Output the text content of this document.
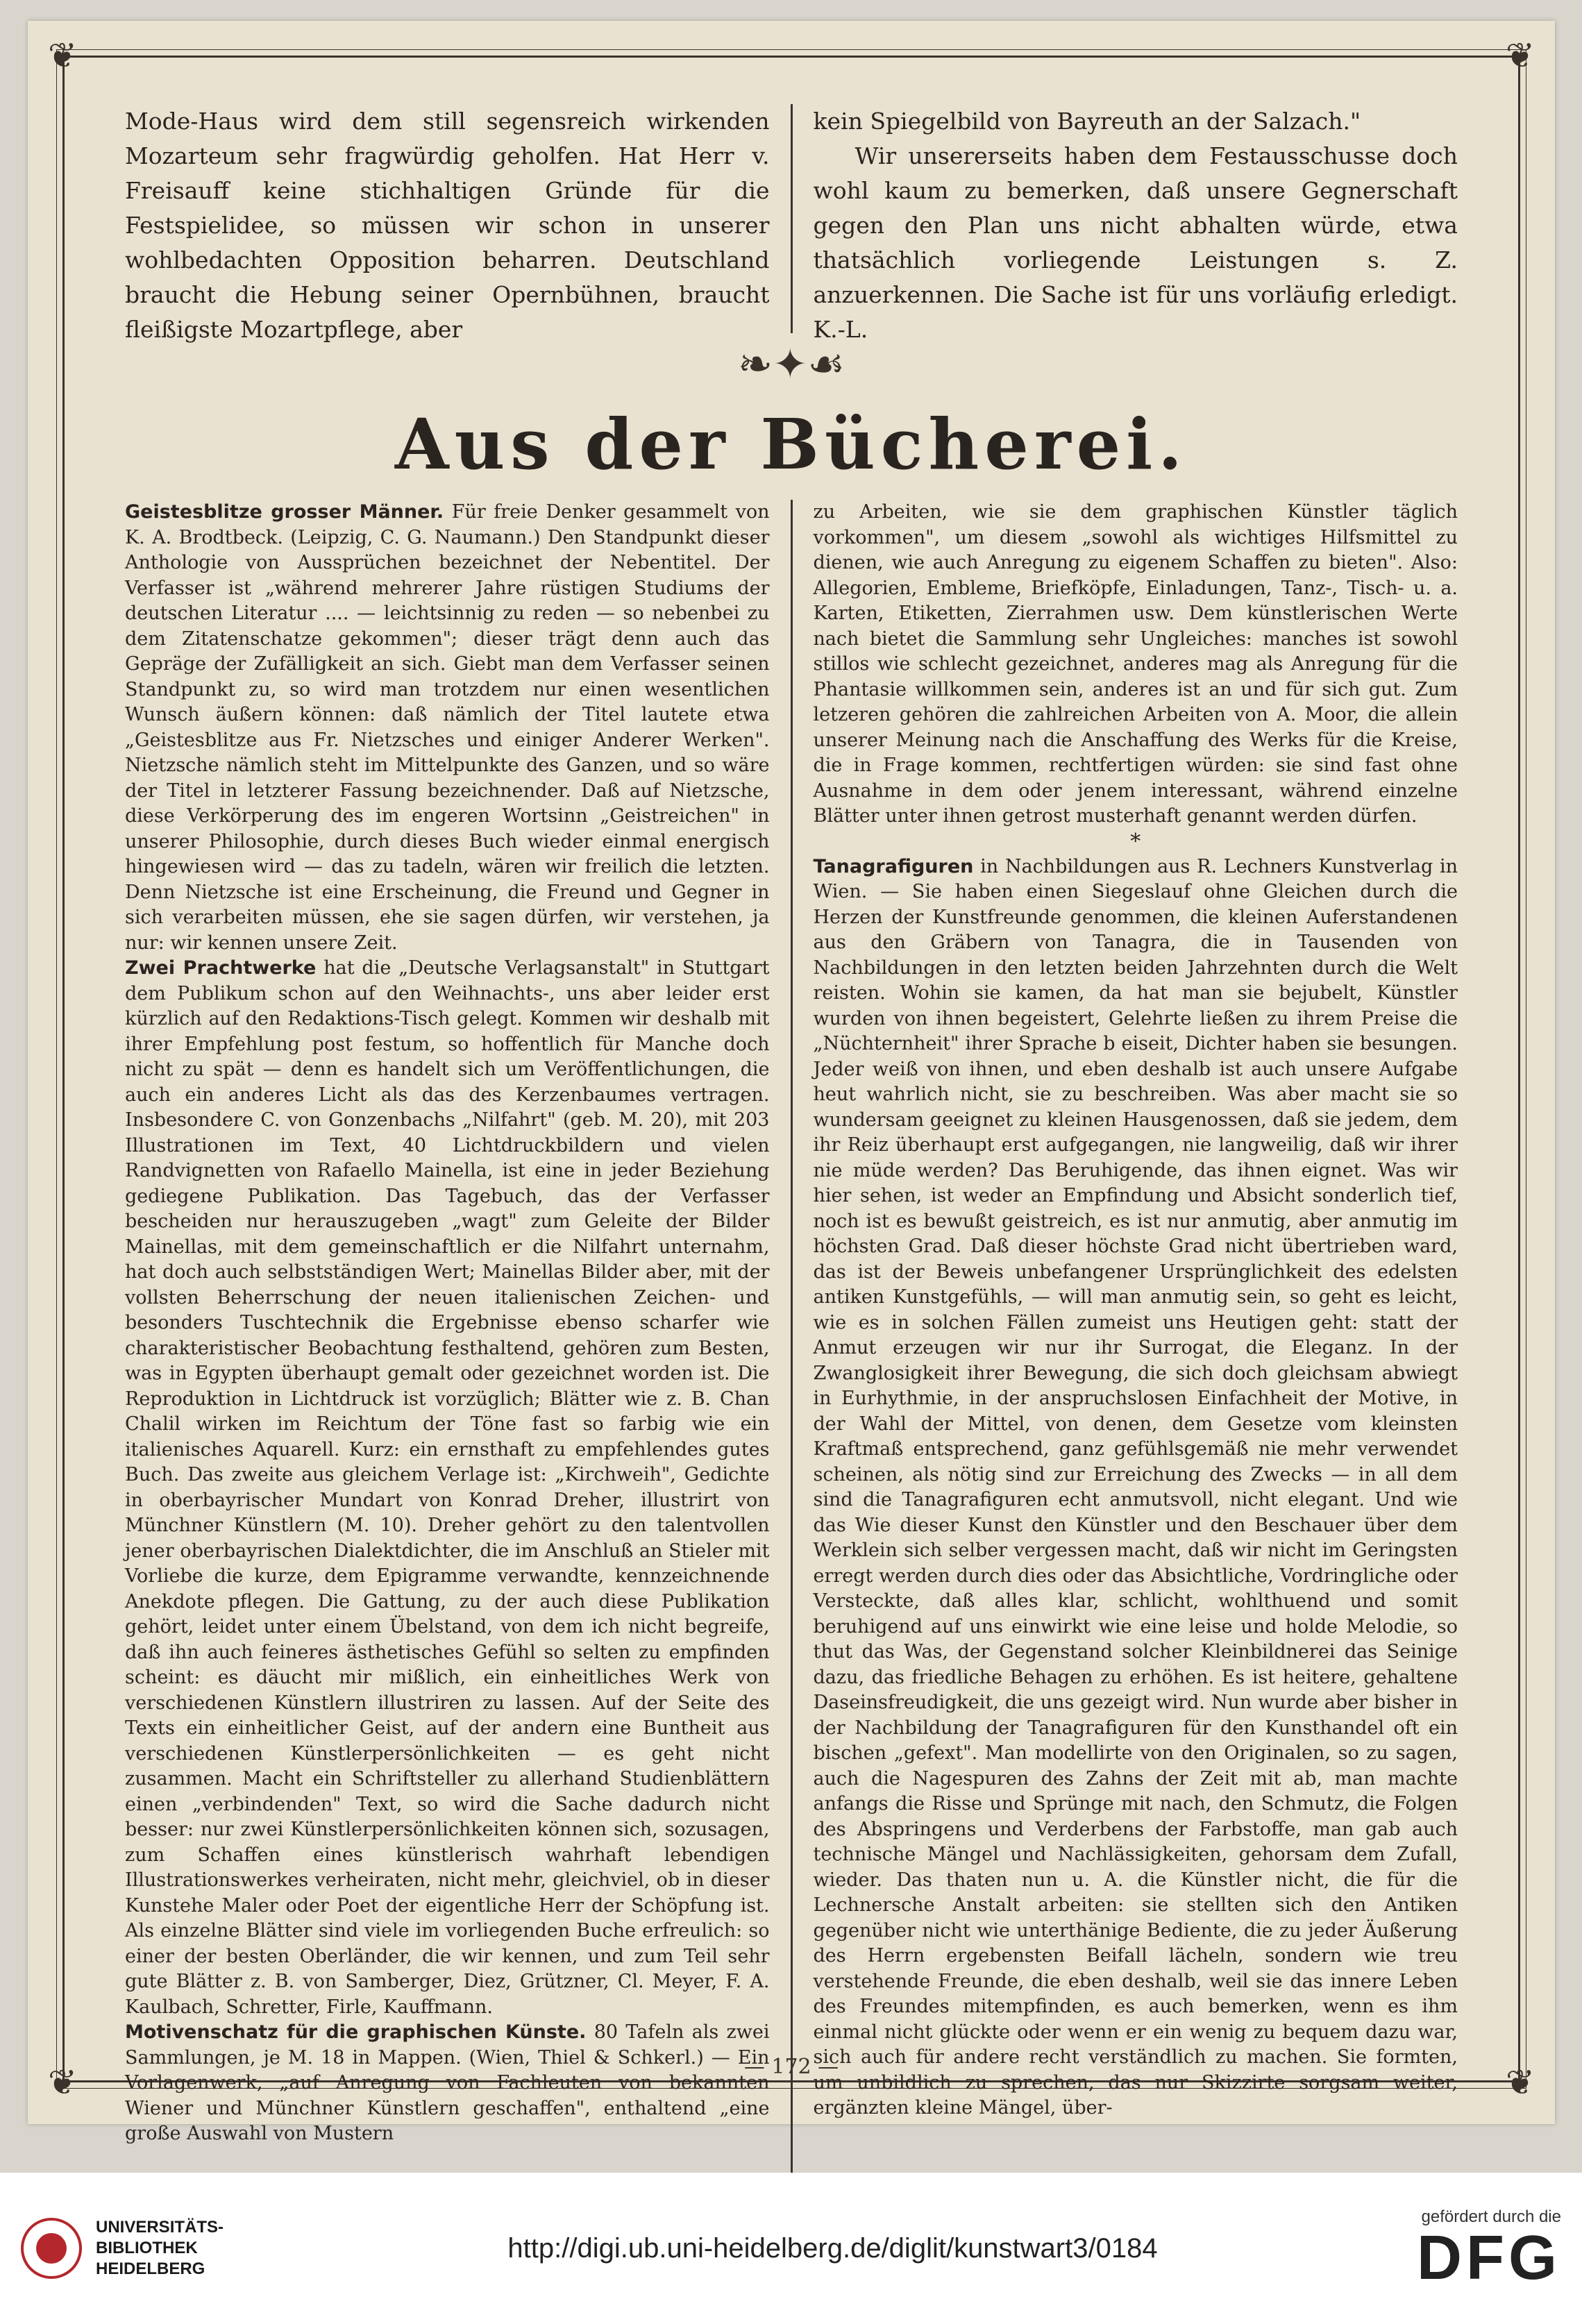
❦	❦
❦	❦

Mode-Haus wird dem still segensreich wirkenden Mozarteum sehr fragwürdig geholfen. Hat Herr v. Freisauff keine stichhaltigen Gründe für die Festspielidee, so müssen wir schon in unserer wohlbedachten Opposition beharren. Deutschland braucht die Hebung seiner Opernbühnen, braucht fleißigste Mozartpflege, aber

kein Spiegelbild von Bayreuth an der Salzach."

Wir unsererseits haben dem Festausschusse doch wohl kaum zu bemerken, daß unsere Gegnerschaft gegen den Plan uns nicht abhalten würde, etwa thatsächlich vorliegende Leistungen s. Z. anzuerkennen. Die Sache ist für uns vorläufig erledigt. K.-L.

❧✦☙
Aus der Bücherei.

Geistesblitze grosser Männer. Für freie Denker gesammelt von K. A. Brodtbeck. (Leipzig, C. G. Naumann.) Den Standpunkt dieser Anthologie von Aussprüchen bezeichnet der Nebentitel. Der Verfasser ist „während mehrerer Jahre rüstigen Studiums der deutschen Literatur .... — leichtsinnig zu reden — so nebenbei zu dem Zitatenschatze gekommen"; dieser trägt denn auch das Gepräge der Zufälligkeit an sich. Giebt man dem Verfasser seinen Standpunkt zu, so wird man trotzdem nur einen wesentlichen Wunsch äußern können: daß nämlich der Titel lautete etwa „Geistesblitze aus Fr. Nietzsches und einiger Anderer Werken". Nietzsche nämlich steht im Mittelpunkte des Ganzen, und so wäre der Titel in letzterer Fassung bezeichnender. Daß auf Nietzsche, diese Verkörperung des im engeren Wortsinn „Geistreichen" in unserer Philosophie, durch dieses Buch wieder einmal energisch hingewiesen wird — das zu tadeln, wären wir freilich die letzten. Denn Nietzsche ist eine Erscheinung, die Freund und Gegner in sich verarbeiten müssen, ehe sie sagen dürfen, wir verstehen, ja nur: wir kennen unsere Zeit.

Zwei Prachtwerke hat die „Deutsche Verlagsanstalt" in Stuttgart dem Publikum schon auf den Weihnachts-, uns aber leider erst kürzlich auf den Redaktions-Tisch gelegt. Kommen wir deshalb mit ihrer Empfehlung post festum, so hoffentlich für Manche doch nicht zu spät — denn es handelt sich um Veröffentlichungen, die auch ein anderes Licht als das des Kerzenbaumes vertragen. Insbesondere C. von Gonzenbachs „Nilfahrt" (geb. M. 20), mit 203 Illustrationen im Text, 40 Lichtdruckbildern und vielen Randvignetten von Rafaello Mainella, ist eine in jeder Beziehung gediegene Publikation. Das Tagebuch, das der Verfasser bescheiden nur herauszugeben „wagt" zum Geleite der Bilder Mainellas, mit dem gemeinschaftlich er die Nilfahrt unternahm, hat doch auch selbstständigen Wert; Mainellas Bilder aber, mit der vollsten Beherrschung der neuen italienischen Zeichen- und besonders Tuschtechnik die Ergebnisse ebenso scharfer wie charakteristischer Beobachtung festhaltend, gehören zum Besten, was in Egypten überhaupt gemalt oder gezeichnet worden ist. Die Reproduktion in Lichtdruck ist vorzüglich; Blätter wie z. B. Chan Chalil wirken im Reichtum der Töne fast so farbig wie ein italienisches Aquarell. Kurz: ein ernsthaft zu empfehlendes gutes Buch. Das zweite aus gleichem Verlage ist: „Kirchweih", Gedichte in oberbayrischer Mundart von Konrad Dreher, illustrirt von Münchner Künstlern (M. 10). Dreher gehört zu den talentvollen jener oberbayrischen Dialektdichter, die im Anschluß an Stieler mit Vorliebe die kurze, dem Epigramme verwandte, kennzeichnende Anekdote pflegen. Die Gattung, zu der auch diese Publikation gehört, leidet unter einem Übelstand, von dem ich nicht begreife, daß ihn auch feineres ästhetisches Gefühl so selten zu empfinden scheint: es däucht mir mißlich, ein einheitliches Werk von verschiedenen Künstlern illustriren zu lassen. Auf der Seite des Texts ein einheitlicher Geist, auf der andern eine Buntheit aus verschiedenen Künstlerpersönlichkeiten — es geht nicht zusammen. Macht ein Schriftsteller zu allerhand Studienblättern einen „verbindenden" Text, so wird die Sache dadurch nicht besser: nur zwei Künstlerpersönlichkeiten können sich, sozusagen, zum Schaffen eines künstlerisch wahrhaft lebendigen Illustrationswerkes verheiraten, nicht mehr, gleichviel, ob in dieser Kunstehe Maler oder Poet der eigentliche Herr der Schöpfung ist. Als einzelne Blätter sind viele im vorliegenden Buche erfreulich: so einer der besten Oberländer, die wir kennen, und zum Teil sehr gute Blätter z. B. von Samberger, Diez, Grützner, Cl. Meyer, F. A. Kaulbach, Schretter, Firle, Kauffmann.

Motivenschatz für die graphischen Künste. 80 Tafeln als zwei Sammlungen, je M. 18 in Mappen. (Wien, Thiel & Schkerl.) — Ein Vorlagenwerk, „auf Anregung von Fachleuten von bekannten Wiener und Münchner Künstlern geschaffen", enthaltend „eine große Auswahl von Mustern

zu Arbeiten, wie sie dem graphischen Künstler täglich vorkommen", um diesem „sowohl als wichtiges Hilfsmittel zu dienen, wie auch Anregung zu eigenem Schaffen zu bieten". Also: Allegorien, Embleme, Briefköpfe, Einladungen, Tanz-, Tisch- u. a. Karten, Etiketten, Zierrahmen usw. Dem künstlerischen Werte nach bietet die Sammlung sehr Ungleiches: manches ist sowohl stillos wie schlecht gezeichnet, anderes mag als Anregung für die Phantasie willkommen sein, anderes ist an und für sich gut. Zum letzeren gehören die zahlreichen Arbeiten von A. Moor, die allein unserer Meinung nach die Anschaffung des Werks für die Kreise, die in Frage kommen, rechtfertigen würden: sie sind fast ohne Ausnahme in dem oder jenem interessant, während einzelne Blätter unter ihnen getrost musterhaft genannt werden dürfen.

*

Tanagrafiguren in Nachbildungen aus R. Lechners Kunstverlag in Wien. — Sie haben einen Siegeslauf ohne Gleichen durch die Herzen der Kunstfreunde genommen, die kleinen Auferstandenen aus den Gräbern von Tanagra, die in Tausenden von Nachbildungen in den letzten beiden Jahrzehnten durch die Welt reisten. Wohin sie kamen, da hat man sie bejubelt, Künstler wurden von ihnen begeistert, Gelehrte ließen zu ihrem Preise die „Nüchternheit" ihrer Sprache b eiseit, Dichter haben sie besungen. Jeder weiß von ihnen, und eben deshalb ist auch unsere Aufgabe heut wahrlich nicht, sie zu beschreiben. Was aber macht sie so wundersam geeignet zu kleinen Hausgenossen, daß sie jedem, dem ihr Reiz überhaupt erst aufgegangen, nie langweilig, daß wir ihrer nie müde werden? Das Beruhigende, das ihnen eignet. Was wir hier sehen, ist weder an Empfindung und Absicht sonderlich tief, noch ist es bewußt geistreich, es ist nur anmutig, aber anmutig im höchsten Grad. Daß dieser höchste Grad nicht übertrieben ward, das ist der Beweis unbefangener Ursprünglichkeit des edelsten antiken Kunstgefühls, — will man anmutig sein, so geht es leicht, wie es in solchen Fällen zumeist uns Heutigen geht: statt der Anmut erzeugen wir nur ihr Surrogat, die Eleganz. In der Zwanglosigkeit ihrer Bewegung, die sich doch gleichsam abwiegt in Eurhythmie, in der anspruchslosen Einfachheit der Motive, in der Wahl der Mittel, von denen, dem Gesetze vom kleinsten Kraftmaß entsprechend, ganz gefühlsgemäß nie mehr verwendet scheinen, als nötig sind zur Erreichung des Zwecks — in all dem sind die Tanagrafiguren echt anmutsvoll, nicht elegant. Und wie das Wie dieser Kunst den Künstler und den Beschauer über dem Werklein sich selber vergessen macht, daß wir nicht im Geringsten erregt werden durch dies oder das Absichtliche, Vordringliche oder Versteckte, daß alles klar, schlicht, wohlthuend und somit beruhigend auf uns einwirkt wie eine leise und holde Melodie, so thut das Was, der Gegenstand solcher Kleinbildnerei das Seinige dazu, das friedliche Behagen zu erhöhen. Es ist heitere, gehaltene Daseinsfreudigkeit, die uns gezeigt wird. Nun wurde aber bisher in der Nachbildung der Tanagrafiguren für den Kunsthandel oft ein bischen „gefext". Man modellirte von den Originalen, so zu sagen, auch die Nagespuren des Zahns der Zeit mit ab, man machte anfangs die Risse und Sprünge mit nach, den Schmutz, die Folgen des Abspringens und Verderbens der Farbstoffe, man gab auch technische Mängel und Nachlässigkeiten, gehorsam dem Zufall, wieder. Das thaten nun u. A. die Künstler nicht, die für die Lechnersche Anstalt arbeiten: sie stellten sich den Antiken gegenüber nicht wie unterthänige Bediente, die zu jeder Äußerung des Herrn ergebensten Beifall lächeln, sondern wie treu verstehende Freunde, die eben deshalb, weil sie das innere Leben des Freundes mitempfinden, es auch bemerken, wenn es ihm einmal nicht glückte oder wenn er ein wenig zu bequem dazu war, sich auch für andere recht verständlich zu machen. Sie formten, um unbildlich zu sprechen, das nur Skizzirte sorgsam weiter, ergänzten kleine Mängel, über-

— 172 —
UNIVERSITÄTS-
BIBLIOTHEK
HEIDELBERG
http://digi.ub.uni-heidelberg.de/diglit/kunstwart3/0184
gefördert durch die
DFG
